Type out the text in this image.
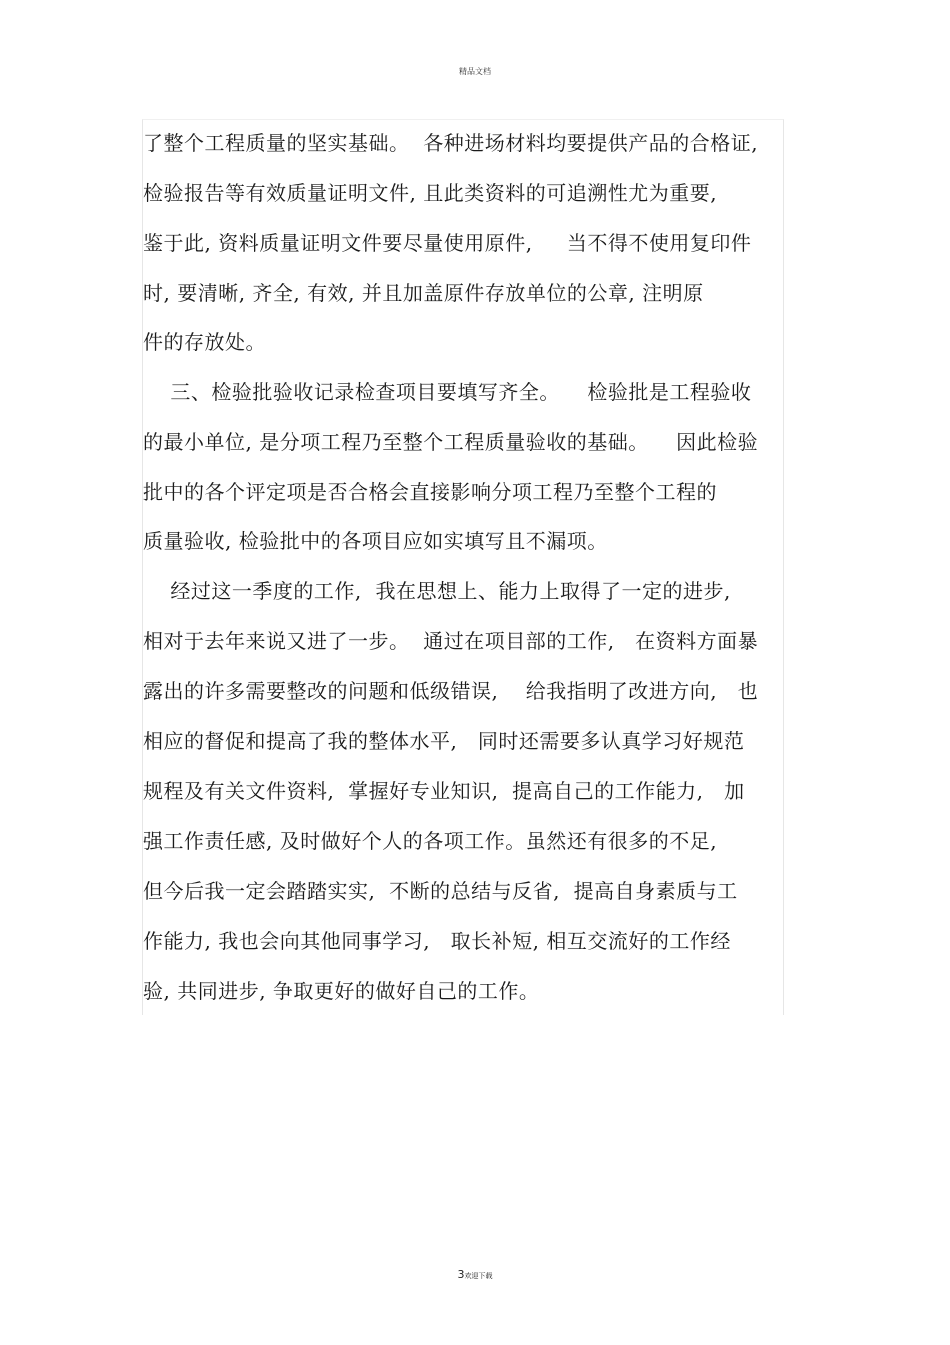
精品文档
了整个工程质量的坚实基础。  各种进场材料均要提供产品的合格证,
检验报告等有效质量证明文件, 且此类资料的可追溯性尤为重要,
鉴于此, 资料质量证明文件要尽量使用原件,     当不得不使用复印件
时, 要清晰, 齐全, 有效, 并且加盖原件存放单位的公章, 注明原
件的存放处。
三、检验批验收记录检查项目要填写齐全。    检验批是工程验收
的最小单位, 是分项工程乃至整个工程质量验收的基础。    因此检验
批中的各个评定项是否合格会直接影响分项工程乃至整个工程的
质量验收, 检验批中的各项目应如实填写且不漏项。
经过这一季度的工作,  我在思想上、能力上取得了一定的进步,
相对于去年来说又进了一步。  通过在项目部的工作,   在资料方面暴
露出的许多需要整改的问题和低级错误,    给我指明了改进方向,   也
相应的督促和提高了我的整体水平,   同时还需要多认真学习好规范
规程及有关文件资料,  掌握好专业知识,  提高自己的工作能力,   加
强工作责任感, 及时做好个人的各项工作。虽然还有很多的不足,
但今后我一定会踏踏实实,  不断的总结与反省,  提高自身素质与工
作能力, 我也会向其他同事学习,   取长补短, 相互交流好的工作经
验, 共同进步, 争取更好的做好自己的工作。
3欢迎下载
